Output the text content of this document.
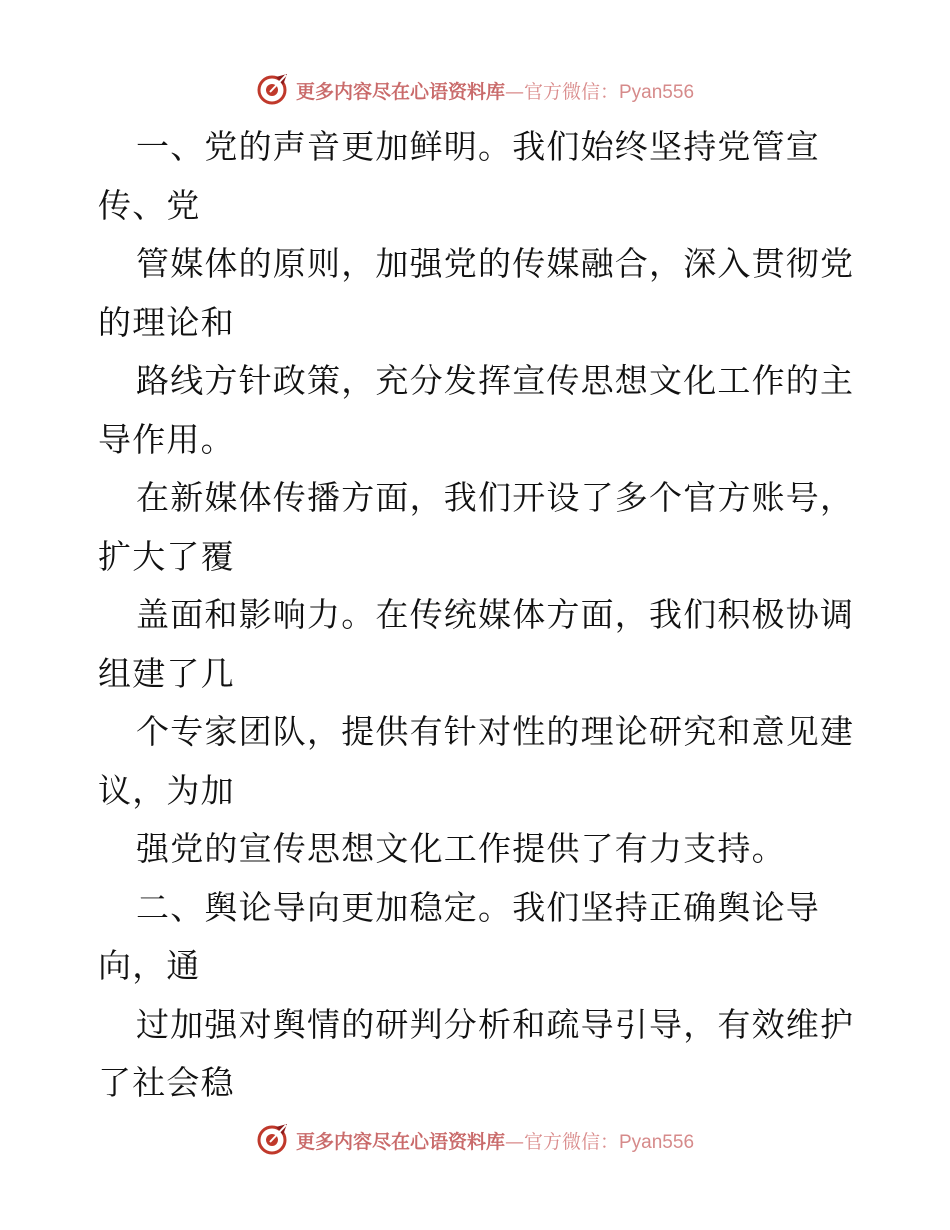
更多内容尽在心语资料库—官方微信：Pyan556
一、党的声音更加鲜明。我们始终坚持党管宣
传、党
管媒体的原则，加强党的传媒融合，深入贯彻党
的理论和
路线方针政策，充分发挥宣传思想文化工作的主
导作用。
在新媒体传播方面，我们开设了多个官方账号，
扩大了覆
盖面和影响力。在传统媒体方面，我们积极协调
组建了几
个专家团队，提供有针对性的理论研究和意见建
议，为加
强党的宣传思想文化工作提供了有力支持。
二、舆论导向更加稳定。我们坚持正确舆论导
向，通
过加强对舆情的研判分析和疏导引导，有效维护
了社会稳
更多内容尽在心语资料库—官方微信：Pyan556
